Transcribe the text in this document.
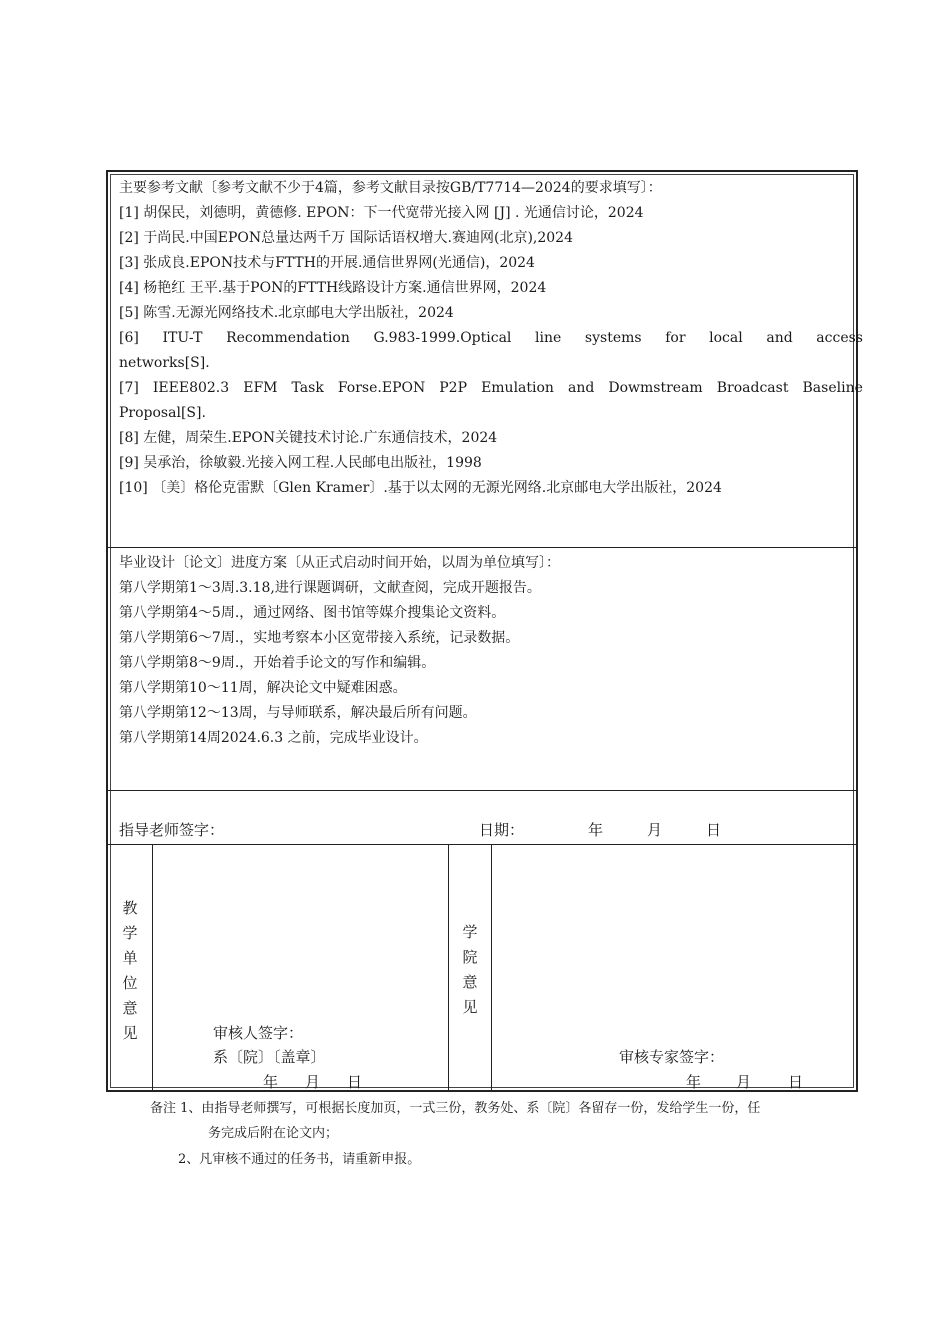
主要参考文献〔参考文献不少于4篇，参考文献目录按GB/T7714—2024的要求填写〕：
[1] 胡保民，刘德明，黄德修. EPON：下一代宽带光接入网 [J] . 光通信讨论，2024
[2] 于尚民.中国EPON总量达两千万 国际话语权增大.赛迪网(北京),2024
[3] 张成良.EPON技术与FTTH的开展.通信世界网(光通信)，2024
[4] 杨艳红 王平.基于PON的FTTH线路设计方案.通信世界网，2024
[5] 陈雪.无源光网络技术.北京邮电大学出版社，2024
[6] ITU-T Recommendation G.983-1999.Optical line systems for local and access
networks[S].
[7] IEEE802.3 EFM Task Forse.EPON P2P Emulation and Dowmstream Broadcast Baseline
Proposal[S].
[8] 左健，周荣生.EPON关键技术讨论.广东通信技术，2024
[9] 吴承治，徐敏毅.光接入网工程.人民邮电出版社，1998
[10] 〔美〕格伦克雷默〔Glen Kramer〕.基于以太网的无源光网络.北京邮电大学出版社，2024
毕业设计〔论文〕进度方案〔从正式启动时间开始，以周为单位填写〕：
第八学期第1～3周.3.18,进行课题调研，文献查阅，完成开题报告。
第八学期第4～5周.，通过网络、图书馆等媒介搜集论文资料。
第八学期第6～7周.，实地考察本小区宽带接入系统，记录数据。
第八学期第8～9周.，开始着手论文的写作和编辑。
第八学期第10～11周，解决论文中疑难困惑。
第八学期第12～13周，与导师联系，解决最后所有问题。
第八学期第14周2024.6.3 之前，完成毕业设计。
指导老师签字：	日期：	年	月	日
教
学
单
位
意
见	审核人签字：
系〔院〕〔盖章〕
年 月 日
学
院
意
见
审核专家签字：
年 月 日
备注 1、由指导老师撰写，可根据长度加页，一式三份，教务处、系〔院〕各留存一份，发给学生一份，任
务完成后附在论文内；
2、凡审核不通过的任务书，请重新申报。
